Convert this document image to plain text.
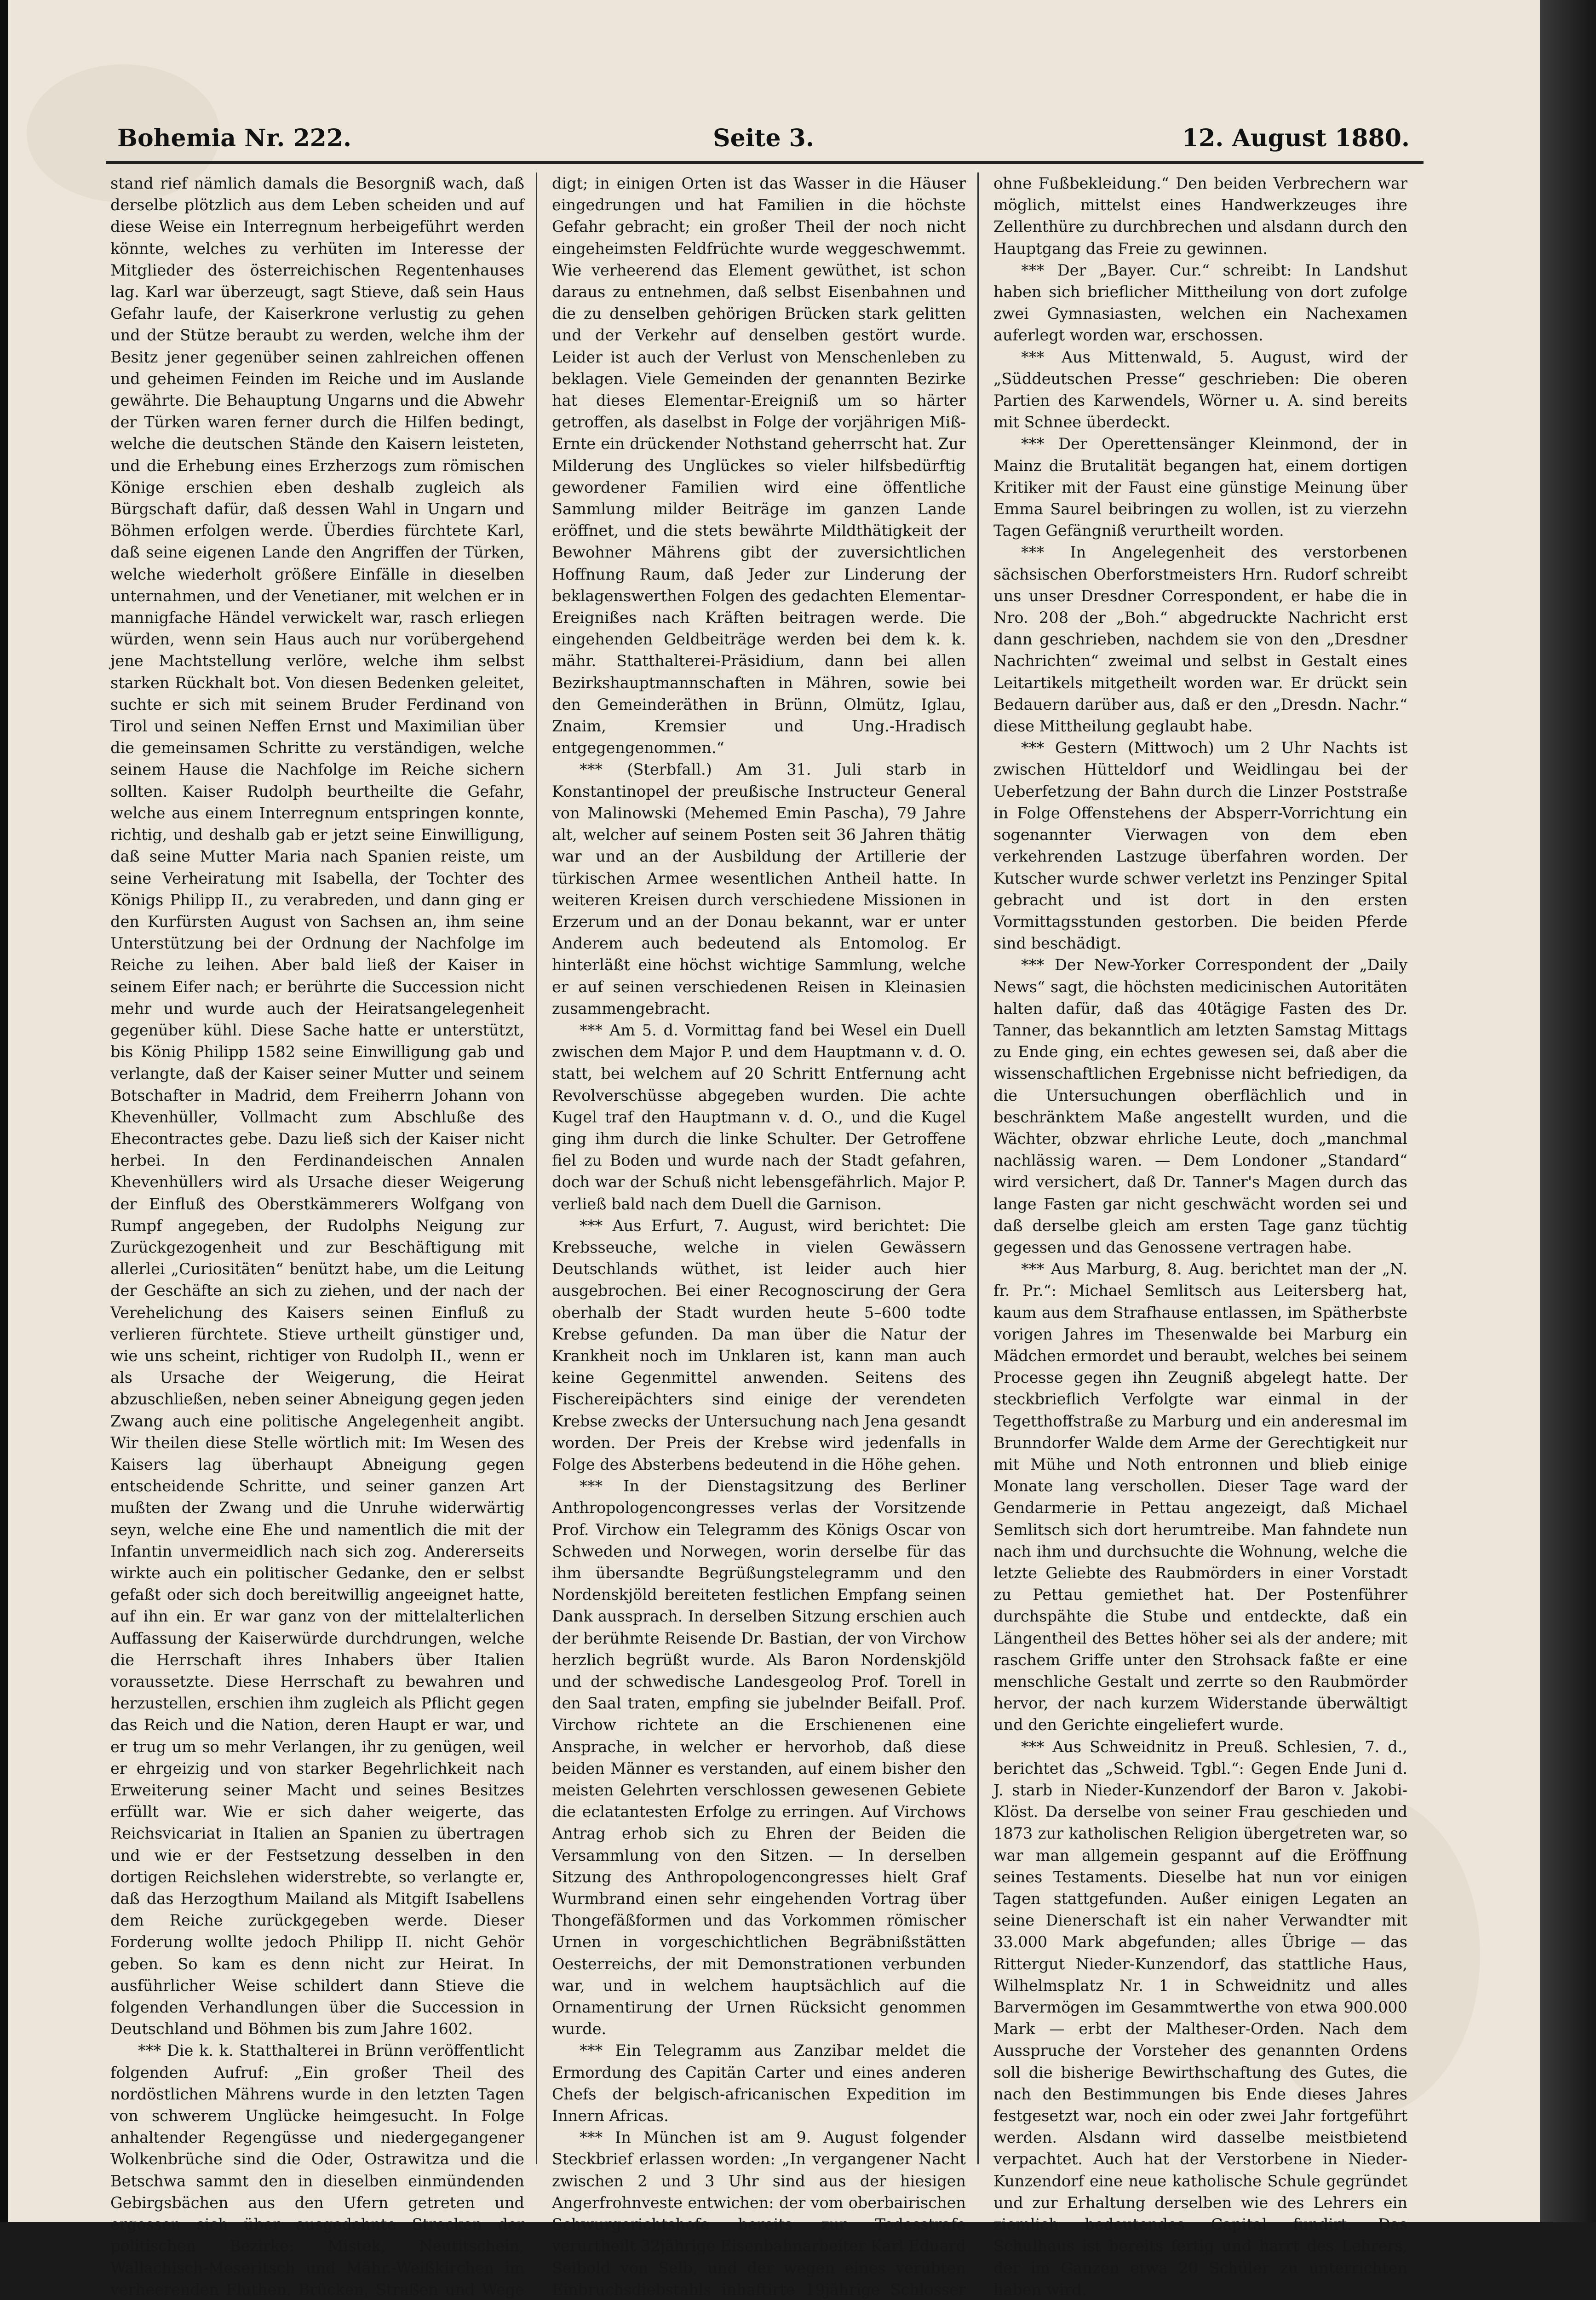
Bohemia Nr. 222.	Seite 3.	12. August 1880.

stand rief nämlich damals die Besorgniß wach, daß derselbe plötzlich aus dem Leben scheiden und auf diese Weise ein Interregnum herbeigeführt werden könnte, welches zu verhüten im Interesse der Mitglieder des österreichischen Regentenhauses lag. Karl war überzeugt, sagt Stieve, daß sein Haus Gefahr laufe, der Kaiserkrone verlustig zu gehen und der Stütze beraubt zu werden, welche ihm der Besitz jener gegenüber seinen zahlreichen offenen und geheimen Feinden im Reiche und im Auslande gewährte. Die Behauptung Ungarns und die Abwehr der Türken waren ferner durch die Hilfen bedingt, welche die deutschen Stände den Kaisern leisteten, und die Erhebung eines Erzherzogs zum römischen Könige erschien eben deshalb zugleich als Bürgschaft dafür, daß dessen Wahl in Ungarn und Böhmen erfolgen werde. Überdies fürchtete Karl, daß seine eigenen Lande den Angriffen der Türken, welche wiederholt größere Einfälle in dieselben unternahmen, und der Venetianer, mit welchen er in mannigfache Händel verwickelt war, rasch erliegen würden, wenn sein Haus auch nur vorübergehend jene Machtstellung verlöre, welche ihm selbst starken Rückhalt bot. Von diesen Bedenken geleitet, suchte er sich mit seinem Bruder Ferdinand von Tirol und seinen Neffen Ernst und Maximilian über die gemeinsamen Schritte zu verständigen, welche seinem Hause die Nachfolge im Reiche sichern sollten. Kaiser Rudolph beurtheilte die Gefahr, welche aus einem Interregnum entspringen konnte, richtig, und deshalb gab er jetzt seine Einwilligung, daß seine Mutter Maria nach Spanien reiste, um seine Verheiratung mit Isabella, der Tochter des Königs Philipp II., zu verabreden, und dann ging er den Kurfürsten August von Sachsen an, ihm seine Unterstützung bei der Ordnung der Nachfolge im Reiche zu leihen. Aber bald ließ der Kaiser in seinem Eifer nach; er berührte die Succession nicht mehr und wurde auch der Heiratsangelegenheit gegenüber kühl. Diese Sache hatte er unterstützt, bis König Philipp 1582 seine Einwilligung gab und verlangte, daß der Kaiser seiner Mutter und seinem Botschafter in Madrid, dem Freiherrn Johann von Khevenhüller, Vollmacht zum Abschluße des Ehecontractes gebe. Dazu ließ sich der Kaiser nicht herbei. In den Ferdinandeischen Annalen Khevenhüllers wird als Ursache dieser Weigerung der Einfluß des Oberstkämmerers Wolfgang von Rumpf angegeben, der Rudolphs Neigung zur Zurückgezogenheit und zur Beschäftigung mit allerlei „Curiositäten“ benützt habe, um die Leitung der Geschäfte an sich zu ziehen, und der nach der Verehelichung des Kaisers seinen Einfluß zu verlieren fürchtete. Stieve urtheilt günstiger und, wie uns scheint, richtiger von Rudolph II., wenn er als Ursache der Weigerung, die Heirat abzuschließen, neben seiner Abneigung gegen jeden Zwang auch eine politische Angelegenheit angibt. Wir theilen diese Stelle wörtlich mit: Im Wesen des Kaisers lag überhaupt Abneigung gegen entscheidende Schritte, und seiner ganzen Art mußten der Zwang und die Unruhe widerwärtig seyn, welche eine Ehe und namentlich die mit der Infantin unvermeidlich nach sich zog. Andererseits wirkte auch ein politischer Gedanke, den er selbst gefaßt oder sich doch bereitwillig angeeignet hatte, auf ihn ein. Er war ganz von der mittelalterlichen Auffassung der Kaiserwürde durchdrungen, welche die Herrschaft ihres Inhabers über Italien voraussetzte. Diese Herrschaft zu bewahren und herzustellen, erschien ihm zugleich als Pflicht gegen das Reich und die Nation, deren Haupt er war, und er trug um so mehr Verlangen, ihr zu genügen, weil er ehrgeizig und von starker Begehrlichkeit nach Erweiterung seiner Macht und seines Besitzes erfüllt war. Wie er sich daher weigerte, das Reichsvicariat in Italien an Spanien zu übertragen und wie er der Festsetzung desselben in den dortigen Reichslehen widerstrebte, so verlangte er, daß das Herzogthum Mailand als Mitgift Isabellens dem Reiche zurückgegeben werde. Dieser Forderung wollte jedoch Philipp II. nicht Gehör geben. So kam es denn nicht zur Heirat. In ausführlicher Weise schildert dann Stieve die folgenden Verhandlungen über die Succession in Deutschland und Böhmen bis zum Jahre 1602.

*** Die k. k. Statthalterei in Brünn veröffentlicht folgenden Aufruf: „Ein großer Theil des nordöstlichen Mährens wurde in den letzten Tagen von schwerem Unglücke heimgesucht. In Folge anhaltender Regengüsse und niedergegangener Wolkenbrüche sind die Oder, Ostrawitza und die Betschwa sammt den in dieselben einmündenden Gebirgsbächen aus den Ufern getreten und ergossen sich über ausgedehnte Strecken der politischen Bezirke: Mistek, Neutitschein, Wallachisch-Meseritsch und Mähr.-Weißkirchen im verheerenden Fluthen. Brücken, Straßen und Wege

digt; in einigen Orten ist das Wasser in die Häuser eingedrungen und hat Familien in die höchste Gefahr gebracht; ein großer Theil der noch nicht eingeheimsten Feldfrüchte wurde weggeschwemmt. Wie verheerend das Element gewüthet, ist schon daraus zu entnehmen, daß selbst Eisenbahnen und die zu denselben gehörigen Brücken stark gelitten und der Verkehr auf denselben gestört wurde. Leider ist auch der Verlust von Menschenleben zu beklagen. Viele Gemeinden der genannten Bezirke hat dieses Elementar-Ereigniß um so härter getroffen, als daselbst in Folge der vorjährigen Miß-Ernte ein drückender Nothstand geherrscht hat. Zur Milderung des Unglückes so vieler hilfsbedürftig gewordener Familien wird eine öffentliche Sammlung milder Beiträge im ganzen Lande eröffnet, und die stets bewährte Mildthätigkeit der Bewohner Mährens gibt der zuversichtlichen Hoffnung Raum, daß Jeder zur Linderung der beklagenswerthen Folgen des gedachten Elementar-Ereignißes nach Kräften beitragen werde. Die eingehenden Geldbeiträge werden bei dem k. k. mähr. Statthalterei-Präsidium, dann bei allen Bezirkshauptmannschaften in Mähren, sowie bei den Gemeinderäthen in Brünn, Olmütz, Iglau, Znaim, Kremsier und Ung.-Hradisch entgegengenommen.“

*** (Sterbfall.) Am 31. Juli starb in Konstantinopel der preußische Instructeur General von Malinowski (Mehemed Emin Pascha), 79 Jahre alt, welcher auf seinem Posten seit 36 Jahren thätig war und an der Ausbildung der Artillerie der türkischen Armee wesentlichen Antheil hatte. In weiteren Kreisen durch verschiedene Missionen in Erzerum und an der Donau bekannt, war er unter Anderem auch bedeutend als Entomolog. Er hinterläßt eine höchst wichtige Sammlung, welche er auf seinen verschiedenen Reisen in Kleinasien zusammengebracht.

*** Am 5. d. Vormittag fand bei Wesel ein Duell zwischen dem Major P. und dem Hauptmann v. d. O. statt, bei welchem auf 20 Schritt Entfernung acht Revolverschüsse abgegeben wurden. Die achte Kugel traf den Hauptmann v. d. O., und die Kugel ging ihm durch die linke Schulter. Der Getroffene fiel zu Boden und wurde nach der Stadt gefahren, doch war der Schuß nicht lebensgefährlich. Major P. verließ bald nach dem Duell die Garnison.

*** Aus Erfurt, 7. August, wird berichtet: Die Krebsseuche, welche in vielen Gewässern Deutschlands wüthet, ist leider auch hier ausgebrochen. Bei einer Recognoscirung der Gera oberhalb der Stadt wurden heute 5–600 todte Krebse gefunden. Da man über die Natur der Krankheit noch im Unklaren ist, kann man auch keine Gegenmittel anwenden. Seitens des Fischereipächters sind einige der verendeten Krebse zwecks der Untersuchung nach Jena gesandt worden. Der Preis der Krebse wird jedenfalls in Folge des Absterbens bedeutend in die Höhe gehen.

*** In der Dienstagsitzung des Berliner Anthropologencongresses verlas der Vorsitzende Prof. Virchow ein Telegramm des Königs Oscar von Schweden und Norwegen, worin derselbe für das ihm übersandte Begrüßungstelegramm und den Nordenskjöld bereiteten festlichen Empfang seinen Dank aussprach. In derselben Sitzung erschien auch der berühmte Reisende Dr. Bastian, der von Virchow herzlich begrüßt wurde. Als Baron Nordenskjöld und der schwedische Landesgeolog Prof. Torell in den Saal traten, empfing sie jubelnder Beifall. Prof. Virchow richtete an die Erschienenen eine Ansprache, in welcher er hervorhob, daß diese beiden Männer es verstanden, auf einem bisher den meisten Gelehrten verschlossen gewesenen Gebiete die eclatantesten Erfolge zu erringen. Auf Virchows Antrag erhob sich zu Ehren der Beiden die Versammlung von den Sitzen. — In derselben Sitzung des Anthropologencongresses hielt Graf Wurmbrand einen sehr eingehenden Vortrag über Thongefäßformen und das Vorkommen römischer Urnen in vorgeschichtlichen Begräbnißstätten Oesterreichs, der mit Demonstrationen verbunden war, und in welchem hauptsächlich auf die Ornamentirung der Urnen Rücksicht genommen wurde.

*** Ein Telegramm aus Zanzibar meldet die Ermordung des Capitän Carter und eines anderen Chefs der belgisch-africanischen Expedition im Innern Africas.

*** In München ist am 9. August folgender Steckbrief erlassen worden: „In vergangener Nacht zwischen 2 und 3 Uhr sind aus der hiesigen Angerfrohnveste entwichen: der vom oberbairischen Schwurgerichtshofe bereits zur Todesstrafe verurtheilt 32jährige Eisenbahnarbeiter Karl Eduard Seibold von Selb, und der wegen eines verübten Einbruchsdiebstahls inhaftirte 19jährige Schlosser

ohne Fußbekleidung.“ Den beiden Verbrechern war möglich, mittelst eines Handwerkzeuges ihre Zellenthüre zu durchbrechen und alsdann durch den Hauptgang das Freie zu gewinnen.

*** Der „Bayer. Cur.“ schreibt: In Landshut haben sich brieflicher Mittheilung von dort zufolge zwei Gymnasiasten, welchen ein Nachexamen auferlegt worden war, erschossen.

*** Aus Mittenwald, 5. August, wird der „Süddeutschen Presse“ geschrieben: Die oberen Partien des Karwendels, Wörner u. A. sind bereits mit Schnee überdeckt.

*** Der Operettensänger Kleinmond, der in Mainz die Brutalität begangen hat, einem dortigen Kritiker mit der Faust eine günstige Meinung über Emma Saurel beibringen zu wollen, ist zu vierzehn Tagen Gefängniß verurtheilt worden.

*** In Angelegenheit des verstorbenen sächsischen Oberforstmeisters Hrn. Rudorf schreibt uns unser Dresdner Correspondent, er habe die in Nro. 208 der „Boh.“ abgedruckte Nachricht erst dann geschrieben, nachdem sie von den „Dresdner Nachrichten“ zweimal und selbst in Gestalt eines Leitartikels mitgetheilt worden war. Er drückt sein Bedauern darüber aus, daß er den „Dresdn. Nachr.“ diese Mittheilung geglaubt habe.

*** Gestern (Mittwoch) um 2 Uhr Nachts ist zwischen Hütteldorf und Weidlingau bei der Ueberfetzung der Bahn durch die Linzer Poststraße in Folge Offenstehens der Absperr-Vorrichtung ein sogenannter Vierwagen von dem eben verkehrenden Lastzuge überfahren worden. Der Kutscher wurde schwer verletzt ins Penzinger Spital gebracht und ist dort in den ersten Vormittagsstunden gestorben. Die beiden Pferde sind beschädigt.

*** Der New-Yorker Correspondent der „Daily News“ sagt, die höchsten medicinischen Autoritäten halten dafür, daß das 40tägige Fasten des Dr. Tanner, das bekanntlich am letzten Samstag Mittags zu Ende ging, ein echtes gewesen sei, daß aber die wissenschaftlichen Ergebnisse nicht befriedigen, da die Untersuchungen oberflächlich und in beschränktem Maße angestellt wurden, und die Wächter, obzwar ehrliche Leute, doch „manchmal nachlässig waren. — Dem Londoner „Standard“ wird versichert, daß Dr. Tanner's Magen durch das lange Fasten gar nicht geschwächt worden sei und daß derselbe gleich am ersten Tage ganz tüchtig gegessen und das Genossene vertragen habe.

*** Aus Marburg, 8. Aug. berichtet man der „N. fr. Pr.“: Michael Semlitsch aus Leitersberg hat, kaum aus dem Strafhause entlassen, im Spätherbste vorigen Jahres im Thesenwalde bei Marburg ein Mädchen ermordet und beraubt, welches bei seinem Processe gegen ihn Zeugniß abgelegt hatte. Der steckbrieflich Verfolgte war einmal in der Tegetthoffstraße zu Marburg und ein anderesmal im Brunndorfer Walde dem Arme der Gerechtigkeit nur mit Mühe und Noth entronnen und blieb einige Monate lang verschollen. Dieser Tage ward der Gendarmerie in Pettau angezeigt, daß Michael Semlitsch sich dort herumtreibe. Man fahndete nun nach ihm und durchsuchte die Wohnung, welche die letzte Geliebte des Raubmörders in einer Vorstadt zu Pettau gemiethet hat. Der Postenführer durchspähte die Stube und entdeckte, daß ein Längentheil des Bettes höher sei als der andere; mit raschem Griffe unter den Strohsack faßte er eine menschliche Gestalt und zerrte so den Raubmörder hervor, der nach kurzem Widerstande überwältigt und den Gerichte eingeliefert wurde.

*** Aus Schweidnitz in Preuß. Schlesien, 7. d., berichtet das „Schweid. Tgbl.“: Gegen Ende Juni d. J. starb in Nieder-Kunzendorf der Baron v. Jakobi-Klöst. Da derselbe von seiner Frau geschieden und 1873 zur katholischen Religion übergetreten war, so war man allgemein gespannt auf die Eröffnung seines Testaments. Dieselbe hat nun vor einigen Tagen stattgefunden. Außer einigen Legaten an seine Dienerschaft ist ein naher Verwandter mit 33.000 Mark abgefunden; alles Übrige — das Rittergut Nieder-Kunzendorf, das stattliche Haus, Wilhelmsplatz Nr. 1 in Schweidnitz und alles Barvermögen im Gesammtwerthe von etwa 900.000 Mark — erbt der Maltheser-Orden. Nach dem Ausspruche der Vorsteher des genannten Ordens soll die bisherige Bewirthschaftung des Gutes, die nach den Bestimmungen bis Ende dieses Jahres festgesetzt war, noch ein oder zwei Jahr fortgeführt werden. Alsdann wird dasselbe meistbietend verpachtet. Auch hat der Verstorbene in Nieder-Kunzendorf eine neue katholische Schule gegründet und zur Erhaltung derselben wie des Lehrers ein ziemlich bedeutendes Capital fundirt. Das Schulhaus ist bereits fertig und harrt des Lehrers, der im Ganzen etwa 20 Schüler zu unterrichten haben wird.
